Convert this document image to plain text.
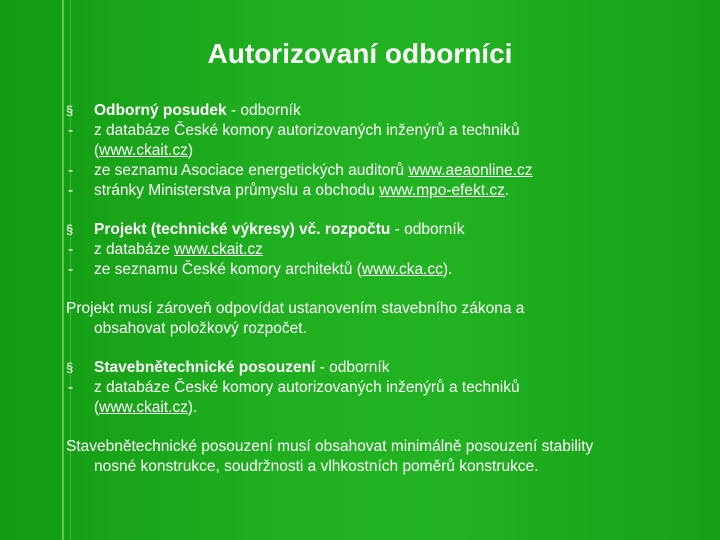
Autorizovaní odborníci
§ Odborný posudek - odborník
- z databáze České komory autorizovaných inženýrů a techniků
(www.ckait.cz)
- ze seznamu Asociace energetických auditorů www.aeaonline.cz
- stránky Ministerstva průmyslu a obchodu www.mpo-efekt.cz.
§ Projekt (technické výkresy) vč. rozpočtu - odborník
- z databáze www.ckait.cz
- ze seznamu České komory architektů (www.cka.cc).
Projekt musí zároveň odpovídat ustanovením stavebního zákona a
obsahovat položkový rozpočet.
§ Stavebnětechnické posouzení - odborník
- z databáze České komory autorizovaných inženýrů a techniků
(www.ckait.cz).
Stavebnětechnické posouzení musí obsahovat minimálně posouzení stability
nosné konstrukce, soudržnosti a vlhkostních poměrů konstrukce.
